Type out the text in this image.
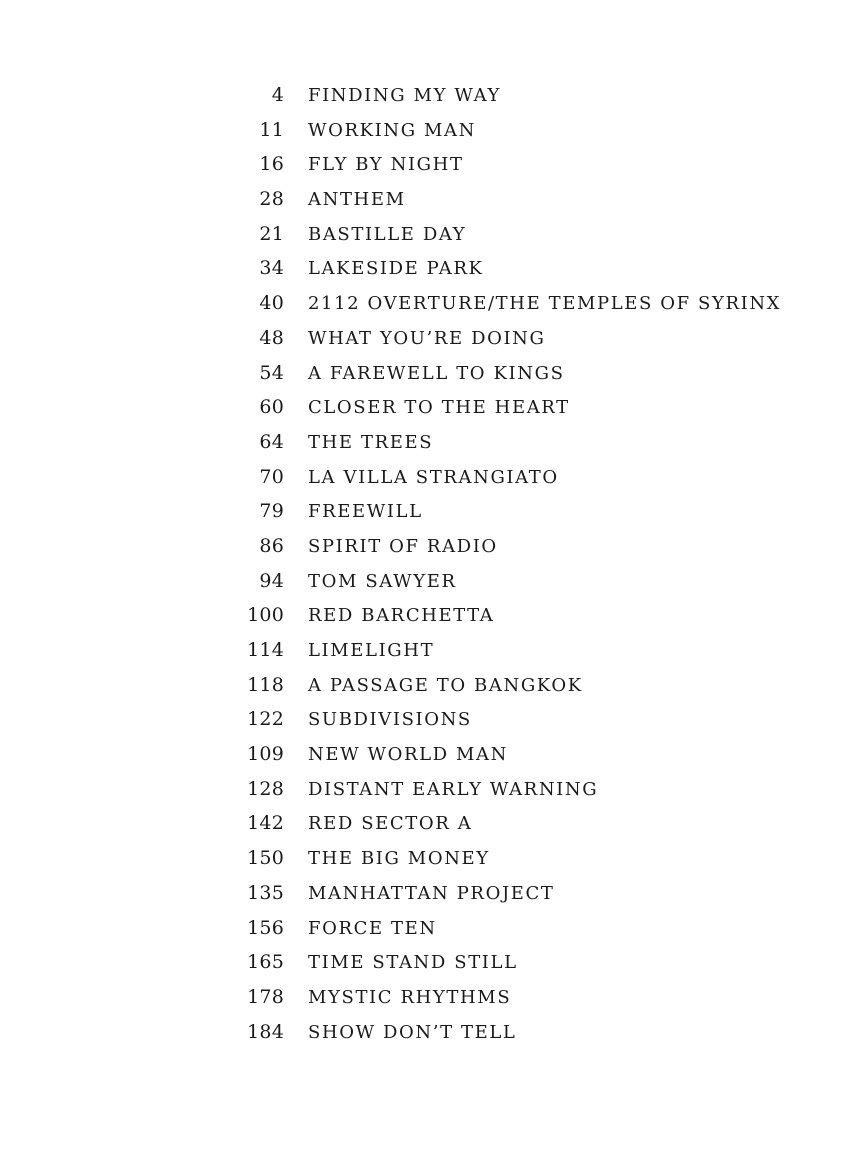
4 FINDING MY WAY
11 WORKING MAN
16 FLY BY NIGHT
28 ANTHEM
21 BASTILLE DAY
34 LAKESIDE PARK
40 2112 OVERTURE/THE TEMPLES OF SYRINX
48 WHAT YOU’RE DOING
54 A FAREWELL TO KINGS
60 CLOSER TO THE HEART
64 THE TREES
70 LA VILLA STRANGIATO
79 FREEWILL
86 SPIRIT OF RADIO
94 TOM SAWYER
100 RED BARCHETTA
114 LIMELIGHT
118 A PASSAGE TO BANGKOK
122 SUBDIVISIONS
109 NEW WORLD MAN
128 DISTANT EARLY WARNING
142 RED SECTOR A
150 THE BIG MONEY
135 MANHATTAN PROJECT
156 FORCE TEN
165 TIME STAND STILL
178 MYSTIC RHYTHMS
184 SHOW DON’T TELL
